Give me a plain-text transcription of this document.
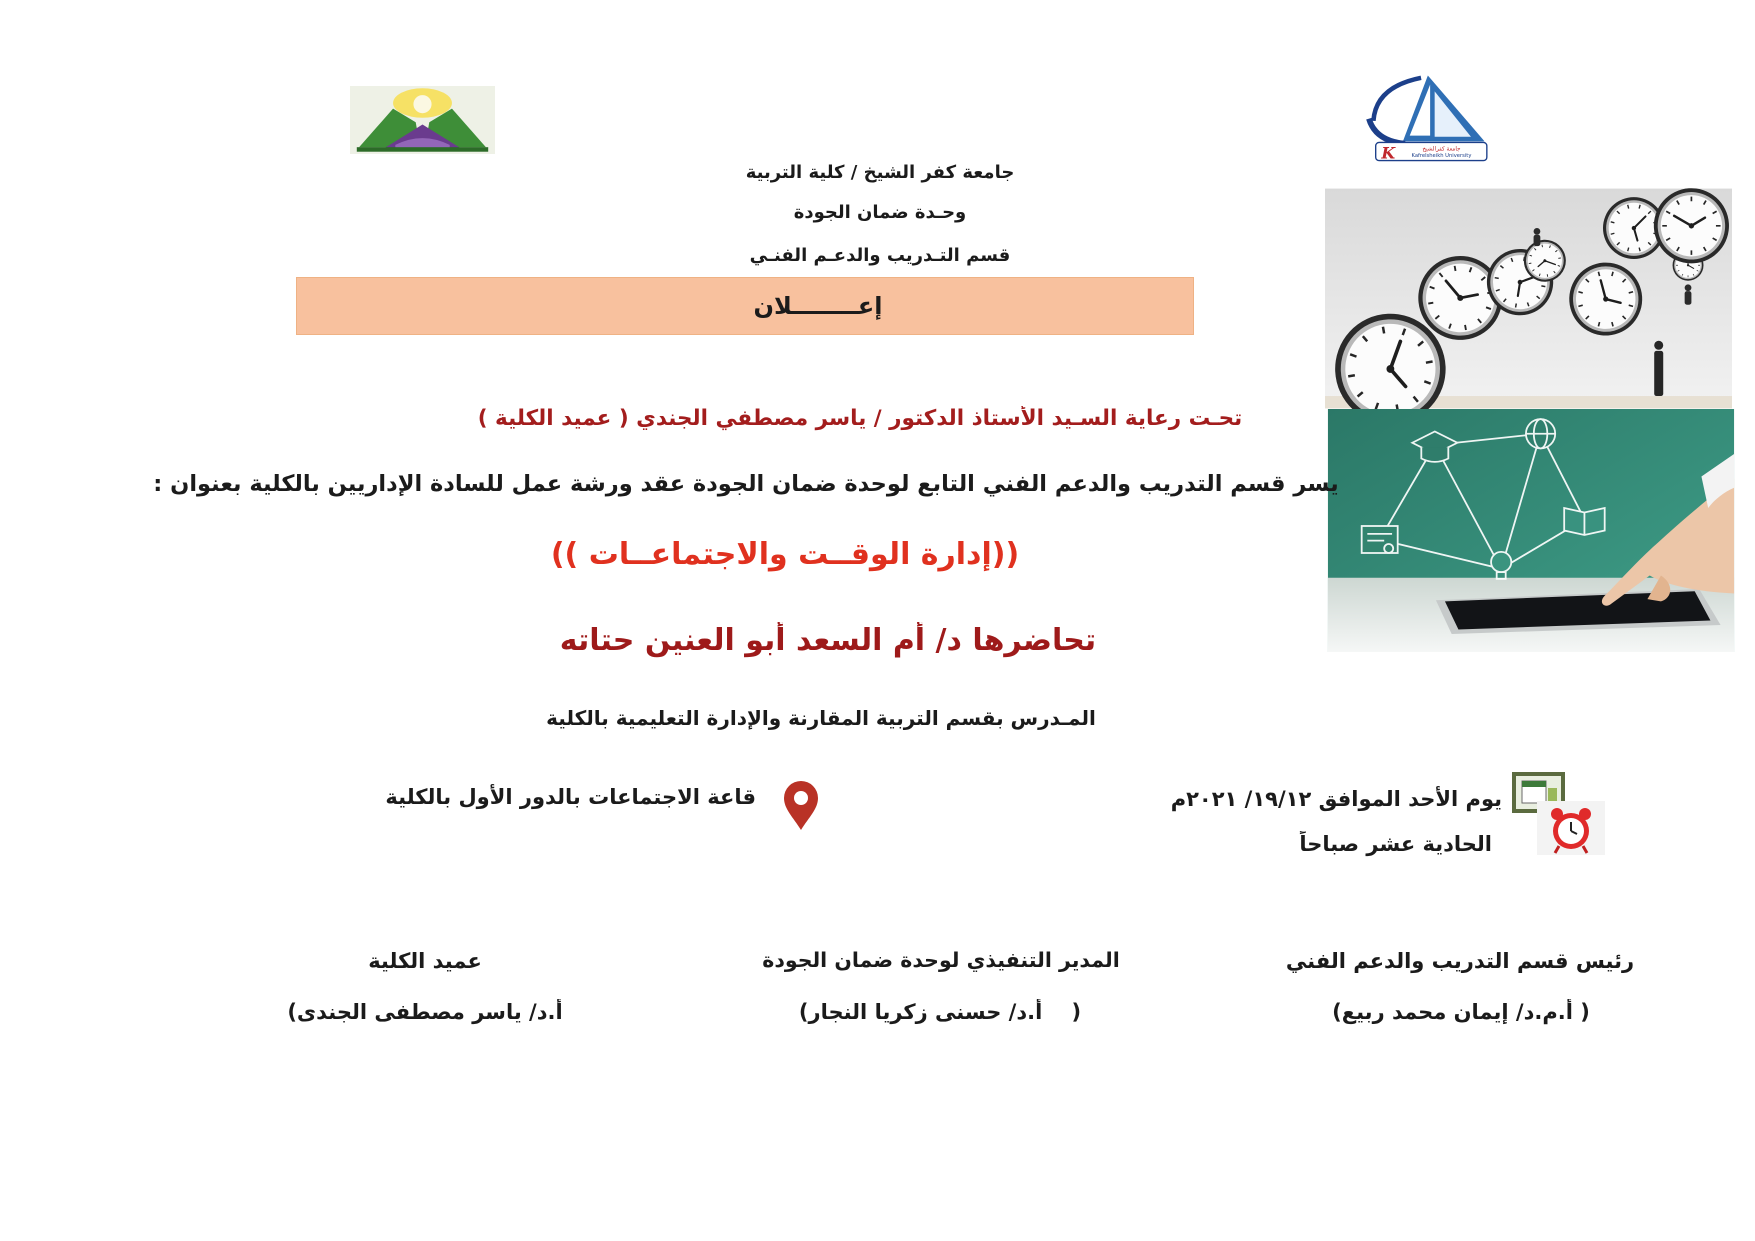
K	جامعة كفرالشيخ
Kafrelsheikh University
جامعة كفر الشيخ / كلية التربية
وحـدة ضمان الجودة
قسم التـدريب والدعـم الفنـي
إعــــــــلان
تحـت رعاية السـيد الأستاذ الدكتور / ياسر مصطفي الجندي ( عميد الكلية )
يسر قسم التدريب والدعم الفني التابع لوحدة ضمان الجودة عقد ورشة عمل للسادة الإداريين بالكلية بعنوان :
((إدارة الوقــت والاجتماعــات ))
تحاضرها د/ أم السعد أبو العنين حتاته
المـدرس بقسم التربية المقارنة والإدارة التعليمية بالكلية
قاعة الاجتماعات بالدور الأول بالكلية	يوم الأحد الموافق ١٩/١٢/ ٢٠٢١م
الحادية عشر صباحاً
رئيس قسم التدريب والدعم الفني
المدير التنفيذي لوحدة ضمان الجودة
عميد الكلية
( أ.م.د/ إيمان محمد ربيع)
(    أ.د/ حسنى زكريا النجار)
أ.د/ ياسر مصطفى الجندى)
